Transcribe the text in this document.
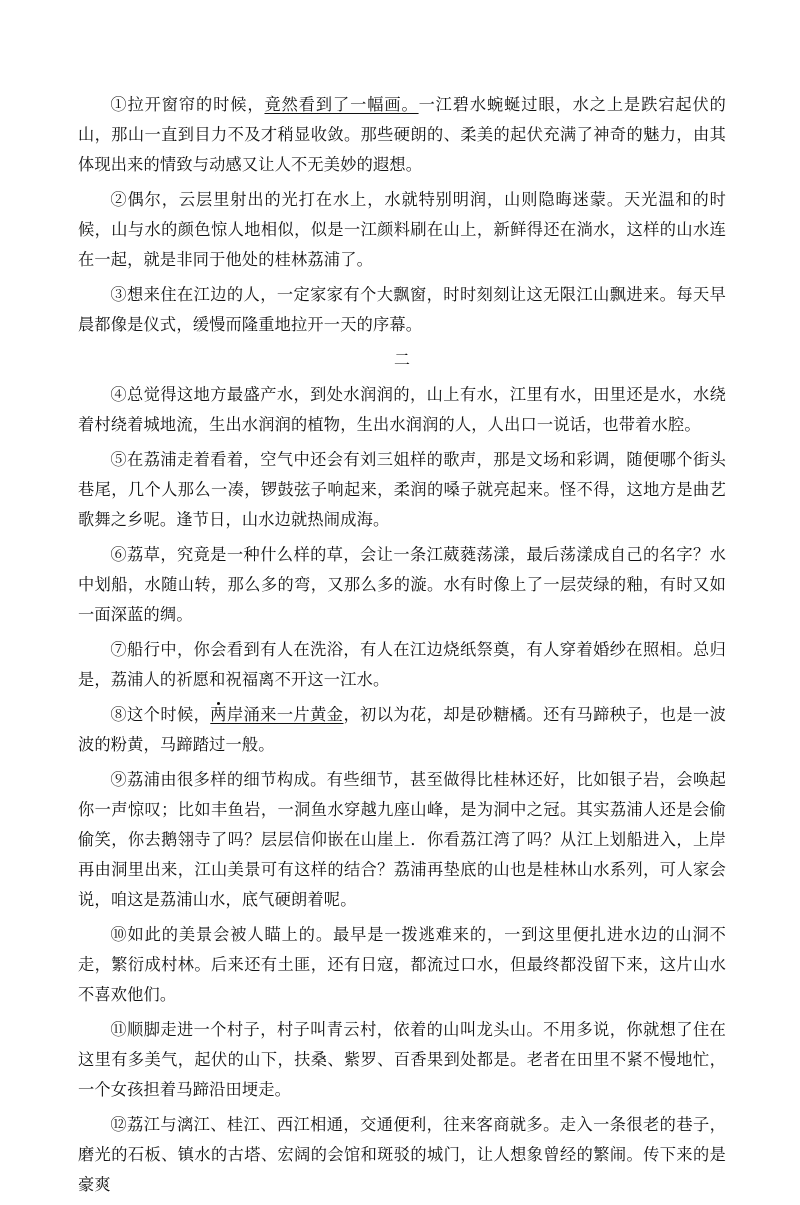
①拉开窗帘的时候，竟然看到了一幅画。一江碧水蜿蜒过眼，水之上是跌宕起伏的山，那山一直到目力不及才稍显收敛。那些硬朗的、柔美的起伏充满了神奇的魅力，由其体现出来的情致与动感又让人不无美妙的遐想。

②偶尔，云层里射出的光打在水上，水就特别明润，山则隐晦迷蒙。天光温和的时候，山与水的颜色惊人地相似，似是一江颜料刷在山上，新鲜得还在淌水，这样的山水连在一起，就是非同于他处的桂林荔浦了。

③想来住在江边的人，一定家家有个大飘窗，时时刻刻让这无限江山飘进来。每天早晨都像是仪式，缓慢而隆重地拉开一天的序幕。

二

④总觉得这地方最盛产水，到处水润润的，山上有水，江里有水，田里还是水，水绕着村绕着城地流，生出水润润的植物，生出水润润的人，人出口一说话，也带着水腔。

⑤在荔浦走着看着，空气中还会有刘三姐样的歌声，那是文场和彩调，随便哪个街头巷尾，几个人那么一凑，锣鼓弦子响起来，柔润的嗓子就亮起来。怪不得，这地方是曲艺歌舞之乡呢。逢节日，山水边就热闹成海。

⑥荔草，究竟是一种什么样的草，会让一条江葳蕤荡漾，最后荡漾成自己的名字？水中划船，水随山转，那么多的弯，又那么多的漩。水有时像上了一层荧绿的釉，有时又如一面深蓝的绸。

⑦船行中，你会看到有人在洗浴，有人在江边烧纸祭奠，有人穿着婚纱在照相。总归是，荔浦人的祈愿和祝福离不开这一江水。

⑧这个时候，两岸涌来一片黄金，初以为花，却是砂糖橘。还有马蹄秧子，也是一波波的粉黄，马蹄踏过一般。

⑨荔浦由很多样的细节构成。有些细节，甚至做得比桂林还好，比如银子岩，会唤起你一声惊叹；比如丰鱼岩，一洞鱼水穿越九座山峰，是为洞中之冠。其实荔浦人还是会偷偷笑，你去鹅翎寺了吗？层层信仰嵌在山崖上．你看荔江湾了吗？从江上划船进入，上岸再由洞里出来，江山美景可有这样的结合？荔浦再垫底的山也是桂林山水系列，可人家会说，咱这是荔浦山水，底气硬朗着呢。

⑩如此的美景会被人瞄上的。最早是一拨逃难来的，一到这里便扎进水边的山洞不走，繁衍成村林。后来还有土匪，还有日寇，都流过口水，但最终都没留下来，这片山水不喜欢他们。

⑪顺脚走进一个村子，村子叫青云村，依着的山叫龙头山。不用多说，你就想了住在这里有多美气，起伏的山下，扶桑、紫罗、百香果到处都是。老者在田里不紧不慢地忙，一个女孩担着马蹄沿田埂走。

⑫荔江与漓江、桂江、西江相通，交通便利，往来客商就多。走入一条很老的巷子，磨光的石板、镇水的古塔、宏阔的会馆和斑驳的城门，让人想象曾经的繁闹。传下来的是豪爽
